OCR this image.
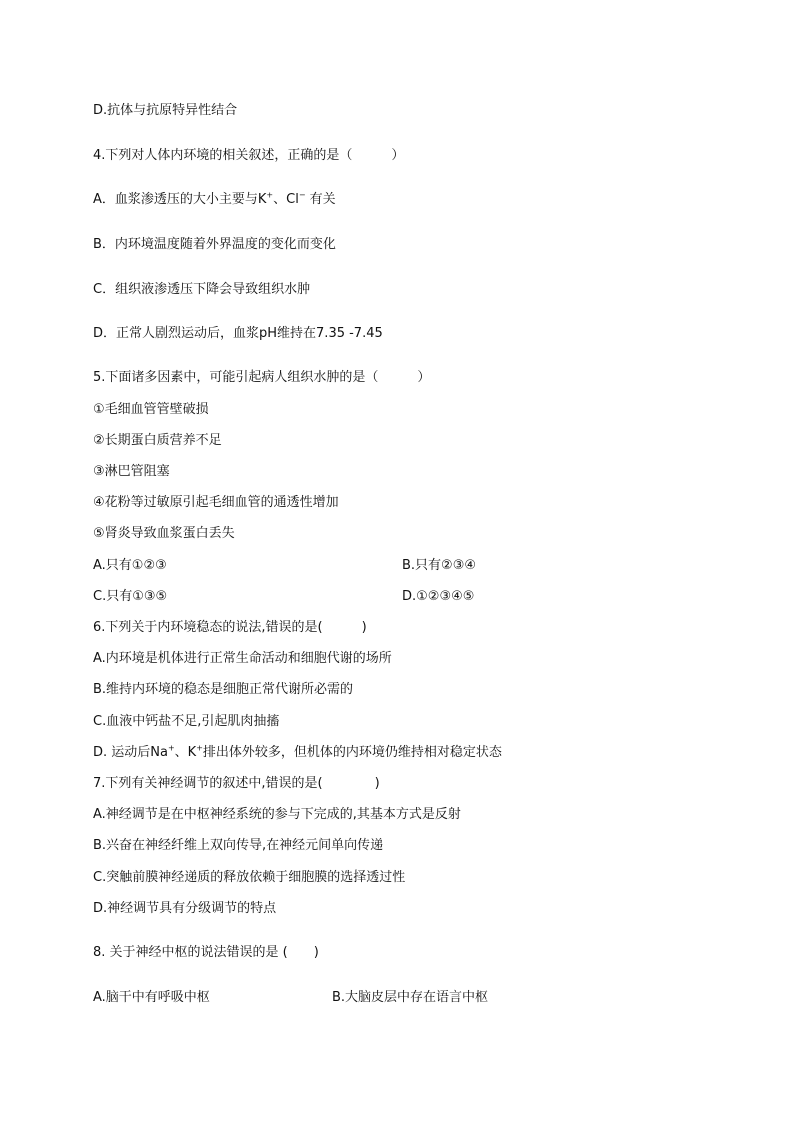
D.抗体与抗原特异性结合
4.下列对人体内环境的相关叙述，正确的是（　　　）
A．血浆渗透压的大小主要与K+、Cl− 有关
B．内环境温度随着外界温度的变化而变化
C．组织液渗透压下降会导致组织水肿
D．正常人剧烈运动后，血浆pH维持在7.35 -7.45
5.下面诸多因素中，可能引起病人组织水肿的是（　　　）
①毛细血管管壁破损
②长期蛋白质营养不足
③淋巴管阻塞
④花粉等过敏原引起毛细血管的通透性增加
⑤肾炎导致血浆蛋白丢失
A.只有①②③	B.只有②③④
C.只有①③⑤	D.①②③④⑤
6.下列关于内环境稳态的说法,错误的是(　　　)
A.内环境是机体进行正常生命活动和细胞代谢的场所
B.维持内环境的稳态是细胞正常代谢所必需的
C.血液中钙盐不足,引起肌肉抽搐
D. 运动后Na+、K+排出体外较多，但机体的内环境仍维持相对稳定状态
7.下列有关神经调节的叙述中,错误的是(　　　　)
A.神经调节是在中枢神经系统的参与下完成的,其基本方式是反射
B.兴奋在神经纤维上双向传导,在神经元间单向传递
C.突触前膜神经递质的释放依赖于细胞膜的选择透过性
D.神经调节具有分级调节的特点
8. 关于神经中枢的说法错误的是 (　　)
A.脑干中有呼吸中枢	B.大脑皮层中存在语言中枢
